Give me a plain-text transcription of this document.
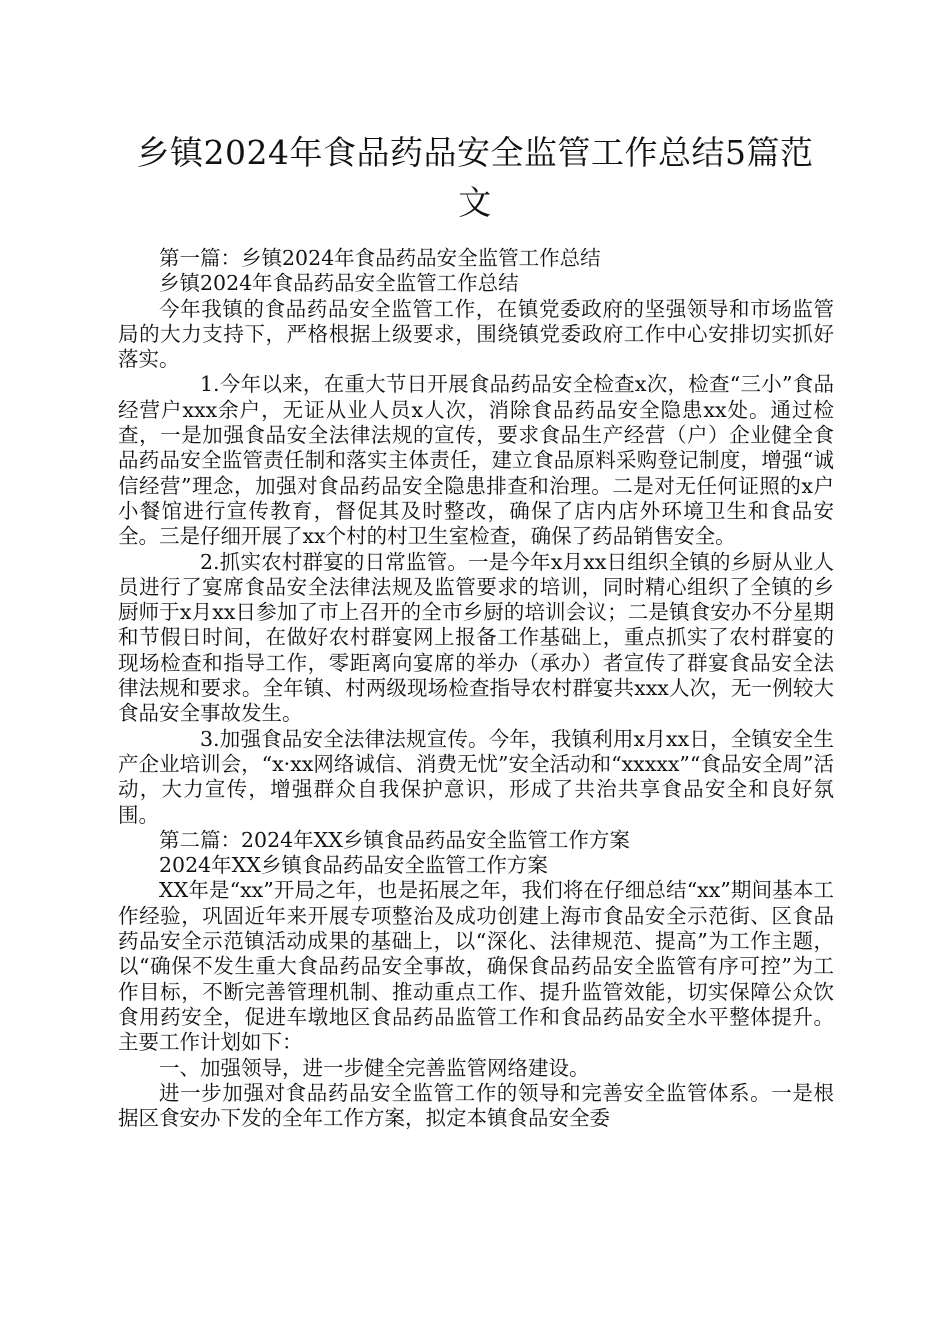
乡镇2024年食品药品安全监管工作总结5篇范文

第一篇：乡镇2024年食品药品安全监管工作总结

乡镇2024年食品药品安全监管工作总结

今年我镇的食品药品安全监管工作，在镇党委政府的坚强领导和市场监管局的大力支持下，严格根据上级要求，围绕镇党委政府工作中心安排切实抓好落实。

1.今年以来，在重大节日开展食品药品安全检查x次，检查“三小”食品经营户xxx余户，无证从业人员x人次，消除食品药品安全隐患xx处。通过检查，一是加强食品安全法律法规的宣传，要求食品生产经营（户）企业健全食品药品安全监管责任制和落实主体责任，建立食品原料采购登记制度，增强“诚信经营”理念，加强对食品药品安全隐患排查和治理。二是对无任何证照的x户小餐馆进行宣传教育，督促其及时整改，确保了店内店外环境卫生和食品安全。三是仔细开展了xx个村的村卫生室检查，确保了药品销售安全。

2.抓实农村群宴的日常监管。一是今年x月xx日组织全镇的乡厨从业人员进行了宴席食品安全法律法规及监管要求的培训，同时精心组织了全镇的乡厨师于x月xx日参加了市上召开的全市乡厨的培训会议；二是镇食安办不分星期和节假日时间，在做好农村群宴网上报备工作基础上，重点抓实了农村群宴的现场检查和指导工作，零距离向宴席的举办（承办）者宣传了群宴食品安全法律法规和要求。全年镇、村两级现场检查指导农村群宴共xxx人次，无一例较大食品安全事故发生。

3.加强食品安全法律法规宣传。今年，我镇利用x月xx日，全镇安全生产企业培训会，“x·xx网络诚信、消费无忧”安全活动和“xxxxx”“食品安全周”活动，大力宣传，增强群众自我保护意识，形成了共治共享食品安全和良好氛围。

第二篇：2024年XX乡镇食品药品安全监管工作方案

2024年XX乡镇食品药品安全监管工作方案

XX年是“xx”开局之年，也是拓展之年，我们将在仔细总结“xx”期间基本工作经验，巩固近年来开展专项整治及成功创建上海市食品安全示范街、区食品药品安全示范镇活动成果的基础上，以“深化、法律规范、提高”为工作主题，以“确保不发生重大食品药品安全事故，确保食品药品安全监管有序可控”为工作目标，不断完善管理机制、推动重点工作、提升监管效能，切实保障公众饮食用药安全，促进车墩地区食品药品监管工作和食品药品安全水平整体提升。主要工作计划如下：

一、加强领导，进一步健全完善监管网络建设。

进一步加强对食品药品安全监管工作的领导和完善安全监管体系。一是根据区食安办下发的全年工作方案，拟定本镇食品安全委
